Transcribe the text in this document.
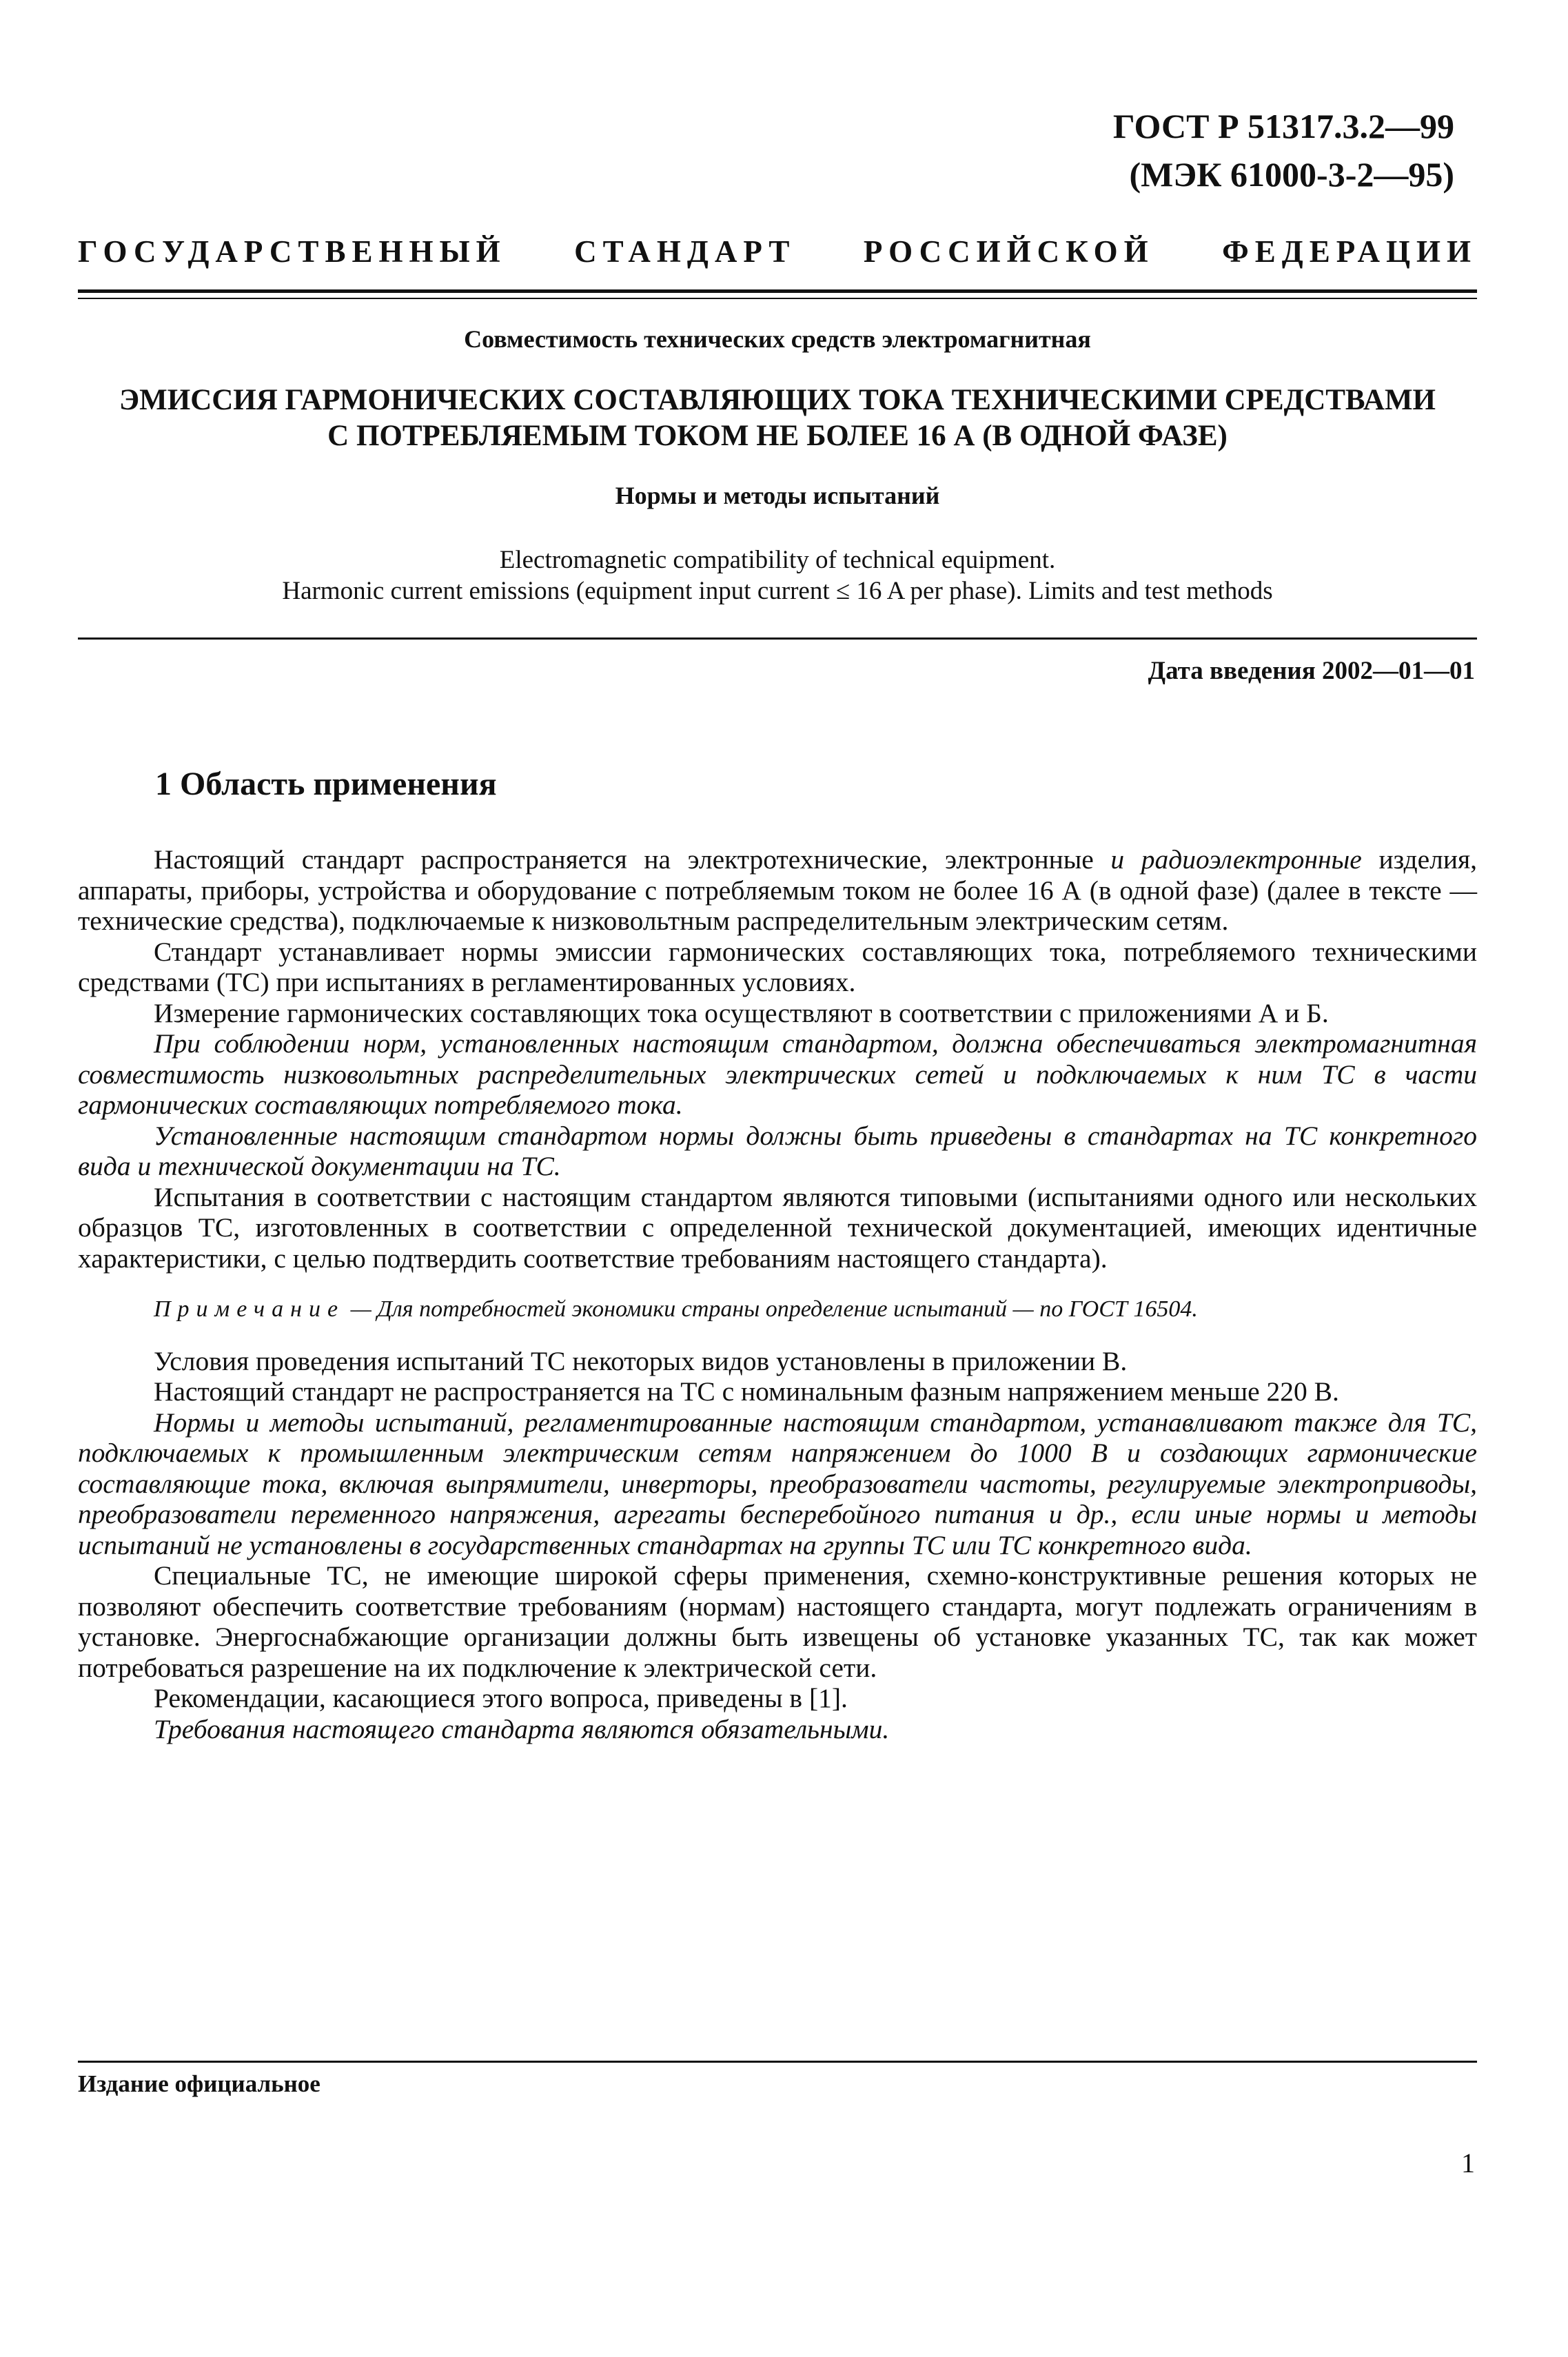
ГОСТ Р 51317.3.2—99
(МЭК 61000-3-2—95)
ГОСУДАРСТВЕННЫЙ СТАНДАРТ РОССИЙСКОЙ ФЕДЕРАЦИИ
Совместимость технических средств электромагнитная
ЭМИССИЯ ГАРМОНИЧЕСКИХ СОСТАВЛЯЮЩИХ ТОКА ТЕХНИЧЕСКИМИ СРЕДСТВАМИ
С ПОТРЕБЛЯЕМЫМ ТОКОМ НЕ БОЛЕЕ 16 А (В ОДНОЙ ФАЗЕ)
Нормы и методы испытаний
Electromagnetic compatibility of technical equipment.
Harmonic current emissions (equipment input current ≤ 16 A per phase). Limits and test methods
Дата введения 2002—01—01
1 Область применения

Настоящий стандарт распространяется на электротехнические, электронные и радиоэлектронные изделия, аппараты, приборы, устройства и оборудование с потребляемым током не более 16 А (в одной фазе) (далее в тексте — технические средства), подключаемые к низковольтным распределительным электрическим сетям.

Стандарт устанавливает нормы эмиссии гармонических составляющих тока, потребляемого техническими средствами (ТС) при испытаниях в регламентированных условиях.

Измерение гармонических составляющих тока осуществляют в соответствии с приложениями А и Б.

При соблюдении норм, установленных настоящим стандартом, должна обеспечиваться электромагнитная совместимость низковольтных распределительных электрических сетей и подключаемых к ним ТС в части гармонических составляющих потребляемого тока.

Установленные настоящим стандартом нормы должны быть приведены в стандартах на ТС конкретного вида и технической документации на ТС.

Испытания в соответствии с настоящим стандартом являются типовыми (испытаниями одного или нескольких образцов ТС, изготовленных в соответствии с определенной технической документацией, имеющих идентичные характеристики, с целью подтвердить соответствие требованиям настоящего стандарта).

Примечание — Для потребностей экономики страны определение испытаний — по ГОСТ 16504.

Условия проведения испытаний ТС некоторых видов установлены в приложении В.

Настоящий стандарт не распространяется на ТС с номинальным фазным напряжением меньше 220 В.

Нормы и методы испытаний, регламентированные настоящим стандартом, устанавливают также для ТС, подключаемых к промышленным электрическим сетям напряжением до 1000 В и создающих гармонические составляющие тока, включая выпрямители, инверторы, преобразователи частоты, регулируемые электроприводы, преобразователи переменного напряжения, агрегаты бесперебойного питания и др., если иные нормы и методы испытаний не установлены в государственных стандартах на группы ТС или ТС конкретного вида.

Специальные ТС, не имеющие широкой сферы применения, схемно-конструктивные решения которых не позволяют обеспечить соответствие требованиям (нормам) настоящего стандарта, могут подлежать ограничениям в установке. Энергоснабжающие организации должны быть извещены об установке указанных ТС, так как может потребоваться разрешение на их подключение к электрической сети.

Рекомендации, касающиеся этого вопроса, приведены в [1].

Требования настоящего стандарта являются обязательными.

Издание официальное
1
